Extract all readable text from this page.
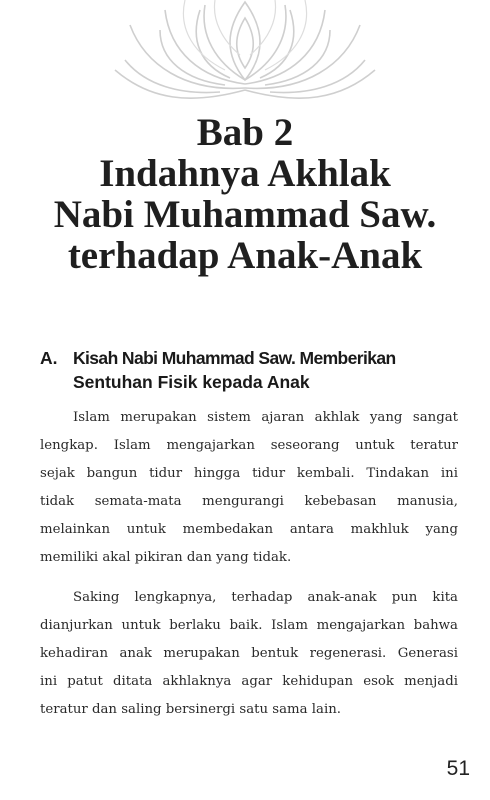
Bab 2
Indahnya Akhlak
Nabi Muhammad Saw.
terhadap Anak-Anak
A. Kisah Nabi Muhammad Saw. Memberikan
Sentuhan Fisik kepada Anak
Islam merupakan sistem ajaran akhlak yang sangat
lengkap. Islam mengajarkan seseorang untuk teratur
sejak bangun tidur hingga tidur kembali. Tindakan ini
tidak semata-mata mengurangi kebebasan manusia,
melainkan untuk membedakan antara makhluk yang
memiliki akal pikiran dan yang tidak.
Saking lengkapnya, terhadap anak-anak pun kita
dianjurkan untuk berlaku baik. Islam mengajarkan bahwa
kehadiran anak merupakan bentuk regenerasi. Generasi
ini patut ditata akhlaknya agar kehidupan esok menjadi
teratur dan saling bersinergi satu sama lain.
51
